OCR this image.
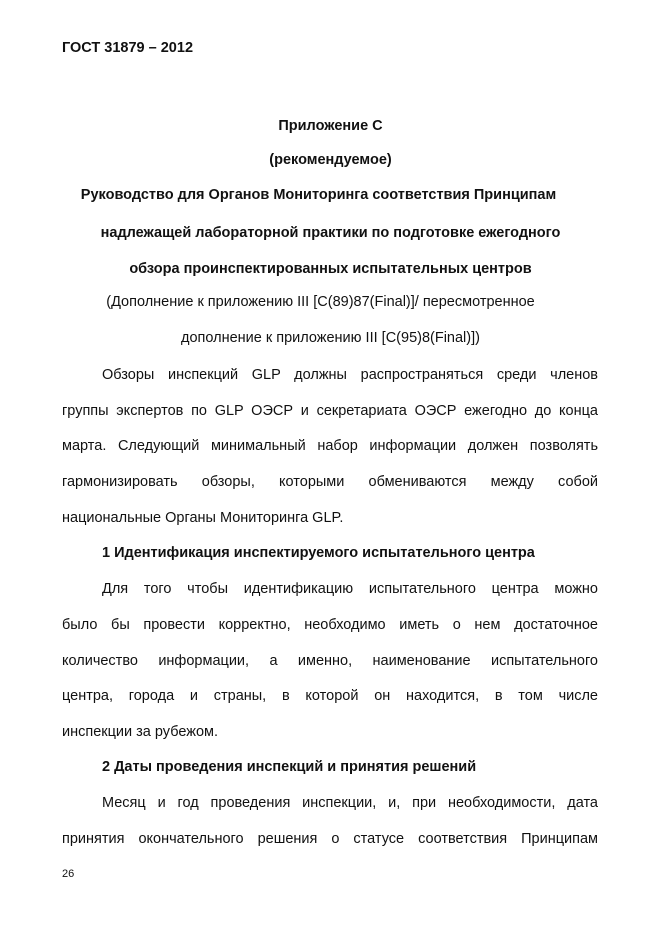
ГОСТ 31879 – 2012
Приложение С
(рекомендуемое)
Руководство для Органов Мониторинга соответствия Принципам
надлежащей лабораторной практики по подготовке ежегодного
обзора проинспектированных испытательных центров
(Дополнение к приложению III [C(89)87(Final)]/ пересмотренное
дополнение к приложению III [C(95)8(Final)])
Обзоры инспекций GLP должны распространяться среди членов
группы экспертов по GLP ОЭСР и секретариата ОЭСР ежегодно до конца
марта. Следующий минимальный набор информации должен позволять
гармонизировать обзоры, которыми обмениваются между собой
национальные Органы Мониторинга GLP.
1 Идентификация инспектируемого испытательного центра
Для того чтобы идентификацию испытательного центра можно
было бы провести корректно, необходимо иметь о нем достаточное
количество информации, а именно, наименование испытательного
центра, города и страны, в которой он находится, в том числе
инспекции за рубежом.
2 Даты проведения инспекций и принятия решений
Месяц и год проведения инспекции, и, при необходимости, дата
принятия окончательного решения о статусе соответствия Принципам
26
